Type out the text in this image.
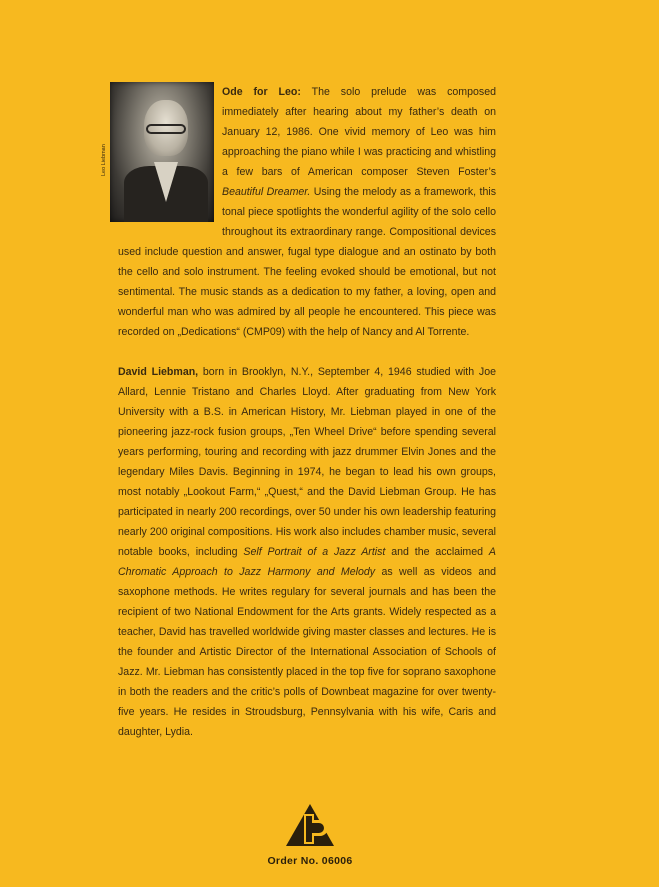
Leo Liebman

Ode for Leo: The solo prelude was composed immediately after hearing about my father’s death on January 12, 1986. One vivid memory of Leo was him approaching the piano while I was practicing and whistling a few bars of American composer Steven Foster’s Beautiful Dreamer. Using the melody as a framework, this tonal piece spotlights the wonderful agility of the solo cello throughout its extraordinary range. Compositional devices used include question and answer, fugal type dialogue and an ostinato by both the cello and solo instrument. The feeling evoked should be emotional, but not sentimental. The music stands as a dedication to my father, a loving, open and wonderful man who was admired by all people he encountered. This piece was recorded on „Dedications“ (CMP09) with the help of Nancy and Al Torrente.

David Liebman, born in Brooklyn, N.Y., September 4, 1946 studied with Joe Allard, Lennie Tristano and Charles Lloyd. After graduating from New York University with a B.S. in American History, Mr. Liebman played in one of the pioneering jazz-rock fusion groups, „Ten Wheel Drive“ before spending several years performing, touring and recording with jazz drummer Elvin Jones and the legendary Miles Davis. Beginning in 1974, he began to lead his own groups, most notably „Lookout Farm,“ „Quest,“ and the David Liebman Group. He has participated in nearly 200 recordings, over 50 under his own leadership featuring nearly 200 original compositions. His work also includes chamber music, several notable books, including Self Portrait of a Jazz Artist and the acclaimed A Chromatic Approach to Jazz Harmony and Melody as well as videos and saxophone methods. He writes regulary for several journals and has been the recipient of two National Endowment for the Arts grants. Widely respected as a teacher, David has travelled worldwide giving master classes and lectures. He is the founder and Artistic Director of the International Association of Schools of Jazz. Mr. Liebman has consistently placed in the top five for soprano saxophone in both the readers and the critic’s polls of Downbeat magazine for over twenty-five years. He resides in Stroudsburg, Pennsylvania with his wife, Caris and daughter, Lydia.

Order No. 06006
